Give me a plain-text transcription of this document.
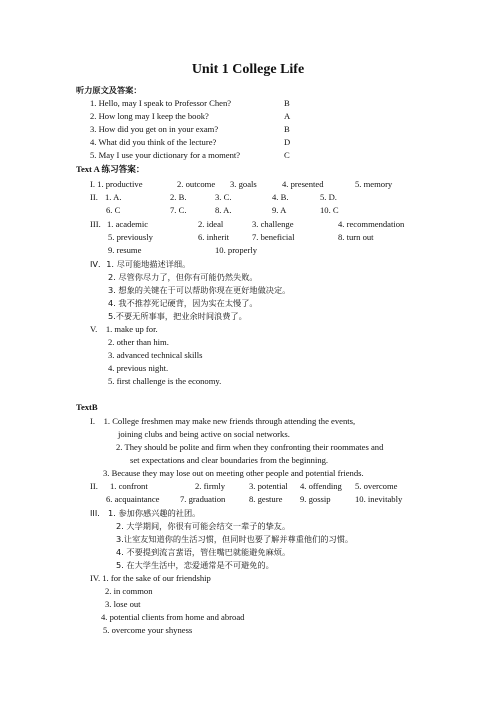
Unit 1 College Life
听力原文及答案：
1. Hello, may I speak to Professor Chen?	B
2. How long may I keep the book?	A
3. How did you get on in your exam?	B
4. What did you think of the lecture?	D
5. May I use your dictionary for a moment?	C
Text A 练习答案：
I. 1. productive	2. outcome 3. goals	4. presented	5. memory
II. 1. A.	2. B.	3. C.	4. B.	5. D.
6. C	7. C.	8. A.	9. A	10. C
III. 1. academic	2. ideal	3. challenge	4. recommendation
5. previously	6. inherit	7. beneficial	8. turn out
9. resume	10. properly
IV．1. 尽可能地描述详细。
2. 尽管你尽力了，但你有可能仍然失败。
3. 想象的关键在于可以帮助你现在更好地做决定。
4. 我不推荐死记硬背，因为实在太慢了。
5.不要无所事事，把业余时间浪费了。
V.　1. make up for.
2. other than him.
3. advanced technical skills
4. previous night.
5. first challenge is the economy.
TextB
I.　1. College freshmen may make new friends through attending the events,
joining clubs and being active on social networks.
2. They should be polite and firm when they confronting their roommates and
set expectations and clear boundaries from the beginning.
3. Because they may lose out on meeting other people and potential friends.
II. 1. confront	2. firmly	3. potential 4. offending 5. overcome
6. acquaintance 7. graduation	8. gesture 9. gossip	10. inevitably
III.　1. 参加你感兴趣的社团。
2. 大学期间，你很有可能会结交一辈子的挚友。
3.让室友知道你的生活习惯，但同时也要了解并尊重他们的习惯。
4. 不要提到流言蜚语，管住嘴巴就能避免麻烦。
5. 在大学生活中，恋爱通常是不可避免的。
IV. 1. for the sake of our friendship
2. in common
3. lose out
4. potential clients from home and abroad
5. overcome your shyness
